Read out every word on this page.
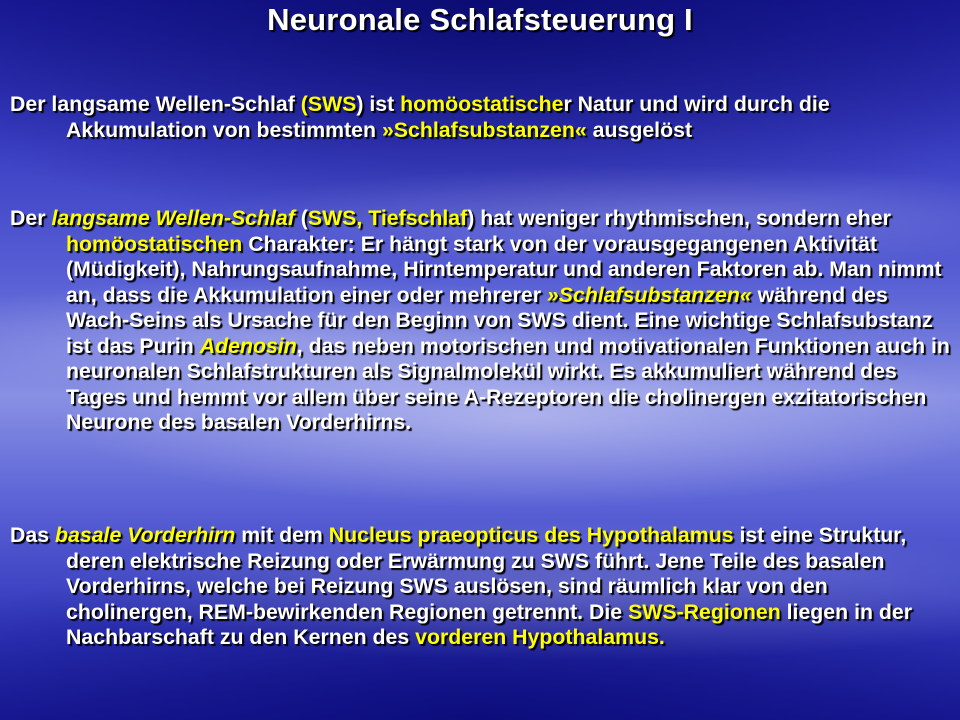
Neuronale Schlafsteuerung I
Der langsame Wellen-Schlaf (SWS) ist homöostatischer Natur und wird durch die Akkumulation von bestimmten »Schlafsubstanzen« ausgelöst
Der langsame Wellen-Schlaf (SWS, Tiefschlaf) hat weniger rhythmischen, sondern eher homöostatischen Charakter: Er hängt stark von der vorausgegangenen Aktivität (Müdigkeit), Nahrungsaufnahme, Hirntemperatur und anderen Faktoren ab. Man nimmt an, dass die Akkumulation einer oder mehrerer »Schlafsubstanzen« während des Wach-Seins als Ursache für den Beginn von SWS dient. Eine wichtige Schlafsubstanz ist das Purin Adenosin, das neben motorischen und motivationalen Funktionen auch in neuronalen Schlafstrukturen als Signalmolekül wirkt. Es akkumuliert während des Tages und hemmt vor allem über seine A-Rezeptoren die cholinergen exzitatorischen Neurone des basalen Vorderhirns.
Das basale Vorderhirn mit dem Nucleus praeopticus des Hypothalamus ist eine Struktur, deren elektrische Reizung oder Erwärmung zu SWS führt. Jene Teile des basalen Vorderhirns, welche bei Reizung SWS auslösen, sind räumlich klar von den cholinergen, REM-bewirkenden Regionen getrennt. Die SWS-Regionen liegen in der Nachbarschaft zu den Kernen des vorderen Hypothalamus.
